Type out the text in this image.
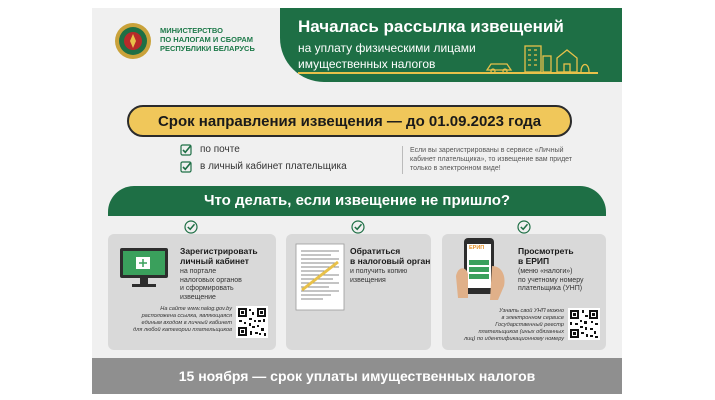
МИНИСТЕРСТВО
ПО НАЛОГАМ И СБОРАМ
РЕСПУБЛИКИ БЕЛАРУСЬ
Началась рассылка извещений
на уплату физическими лицами
имущественных налогов
Срок направления извещения — до 01.09.2023 года
по почте
в личный кабинет плательщика
Если вы зарегистрированы в сервисе «Личный кабинет плательщика», то извещение вам придет только в электронном виде!
Что делать, если извещение не пришло?
Зарегистрировать
личный кабинет
на портале
налоговых органов
и сформировать
извещение
На сайте www.nalog.gov.by
расположена ссылка, являющаяся
единым входом в личный кабинет
для любой категории плательщиков
Обратиться
в налоговый орган
и получить копию
извещения
ЕРИП	Просмотреть
в ЕРИП
(меню «налоги»)
по учетному номеру
плательщика (УНП)
Узнать свой УНП можно
в электронном сервисе
Государственный реестр
плательщиков (иных обязанных
лиц) по идентификационному номеру
15 ноября — срок уплаты имущественных налогов
